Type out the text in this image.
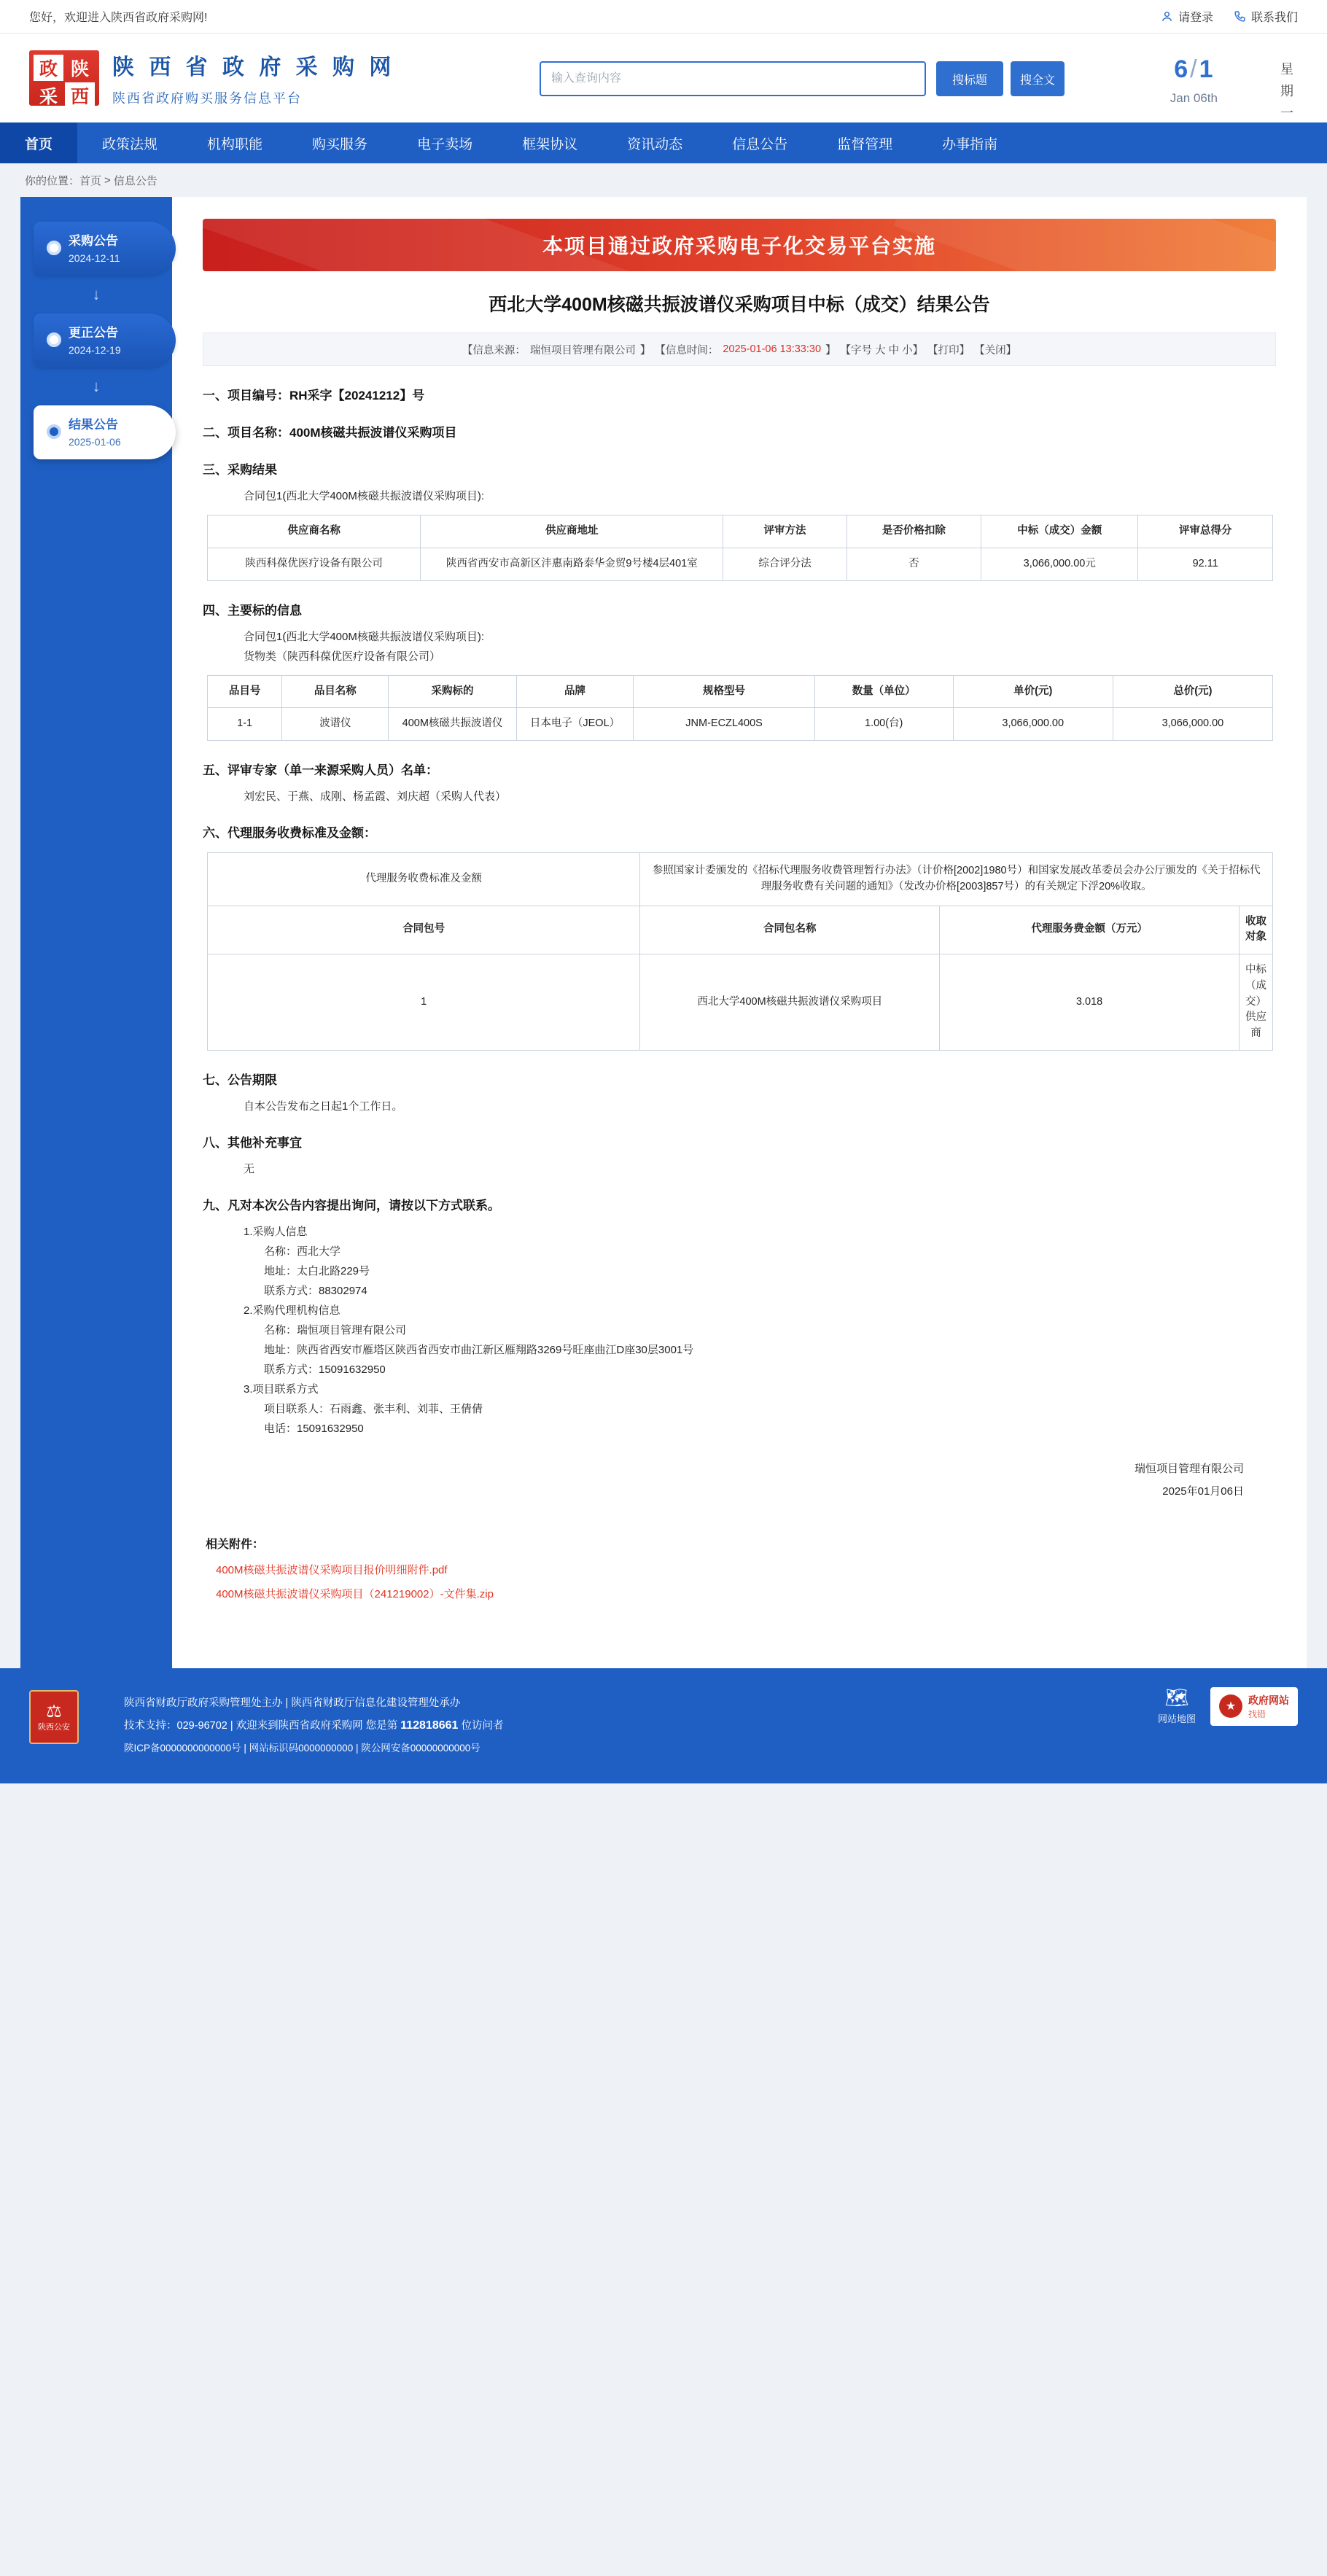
您好，欢迎进入陕西省政府采购网!	请登录	联系我们
政 陕
采 西
陕 西 省 政 府 采 购 网
陕西省政府购买服务信息平台
输入查询内容
搜标题	搜全文	6/1
Jan 06th
星期一
首页	政策法规	机构职能	购买服务	电子卖场	框架协议	资讯动态	信息公告	监督管理	办事指南
你的位置： 首页 > 信息公告
采购公告
2024-12-11
↓
更正公告
2024-12-19
↓
结果公告
2025-01-06
本项目通过政府采购电子化交易平台实施
西北大学400M核磁共振波谱仪采购项目中标（成交）结果公告
【信息来源： 瑞恒项目管理有限公司 】 【信息时间： 2025-01-06 13:33:30 】 【字号 大 中 小】 【打印】 【关闭】
一、项目编号：RH采字【20241212】号
二、项目名称：400M核磁共振波谱仪采购项目
三、采购结果
合同包1(西北大学400M核磁共振波谱仪采购项目):
供应商名称	供应商地址	评审方法	是否价格扣除	中标（成交）金额	评审总得分
陕西科葆优医疗设备有限公司	陕西省西安市高新区沣惠南路泰华金贸9号楼4层401室	综合评分法	否	3,066,000.00元	92.11
四、主要标的信息
合同包1(西北大学400M核磁共振波谱仪采购项目):
货物类（陕西科葆优医疗设备有限公司）
品目号	品目名称	采购标的	品牌	规格型号	数量（单位）	单价(元)	总价(元)
1-1	波谱仪	400M核磁共振波谱仪	日本电子（JEOL）	JNM-ECZL400S	1.00(台)	3,066,000.00	3,066,000.00
五、评审专家（单一来源采购人员）名单：
刘宏民、于燕、成刚、杨孟霞、刘庆超（采购人代表）
六、代理服务收费标准及金额：
代理服务收费标准及金额	参照国家计委颁发的《招标代理服务收费管理暂行办法》（计价格[2002]1980号）和国家发展改革委员会办公厅颁发的《关于招标代理服务收费有关问题的通知》（发改办价格[2003]857号）的有关规定下浮20%收取。		
合同包号	合同包名称	代理服务费金额（万元）	收取对象
1	西北大学400M核磁共振波谱仪采购项目	3.018	中标（成交）供应商
七、公告期限
自本公告发布之日起1个工作日。
八、其他补充事宜
无
九、凡对本次公告内容提出询问，请按以下方式联系。
1.采购人信息
名称：西北大学
地址：太白北路229号
联系方式：88302974
2.采购代理机构信息
名称：瑞恒项目管理有限公司
地址：陕西省西安市雁塔区陕西省西安市曲江新区雁翔路3269号旺座曲江D座30层3001号
联系方式：15091632950
3.项目联系方式
项目联系人：石雨鑫、张丰利、刘菲、王倩倩
电话：15091632950
瑞恒项目管理有限公司
2025年01月06日
相关附件：
400M核磁共振波谱仪采购项目报价明细附件.pdf
400M核磁共振波谱仪采购项目（241219002）-文件集.zip
⚖
陕西公安
陕西省财政厅政府采购管理处主办 | 陕西省财政厅信息化建设管理处承办
技术支持：029-96702 | 欢迎来到陕西省政府采购网 您是第 112818661 位访问者
陕ICP备0000000000000号 | 网站标识码0000000000 | 陕公网安备00000000000号
🗺
网站地图
★
政府网站
找错
